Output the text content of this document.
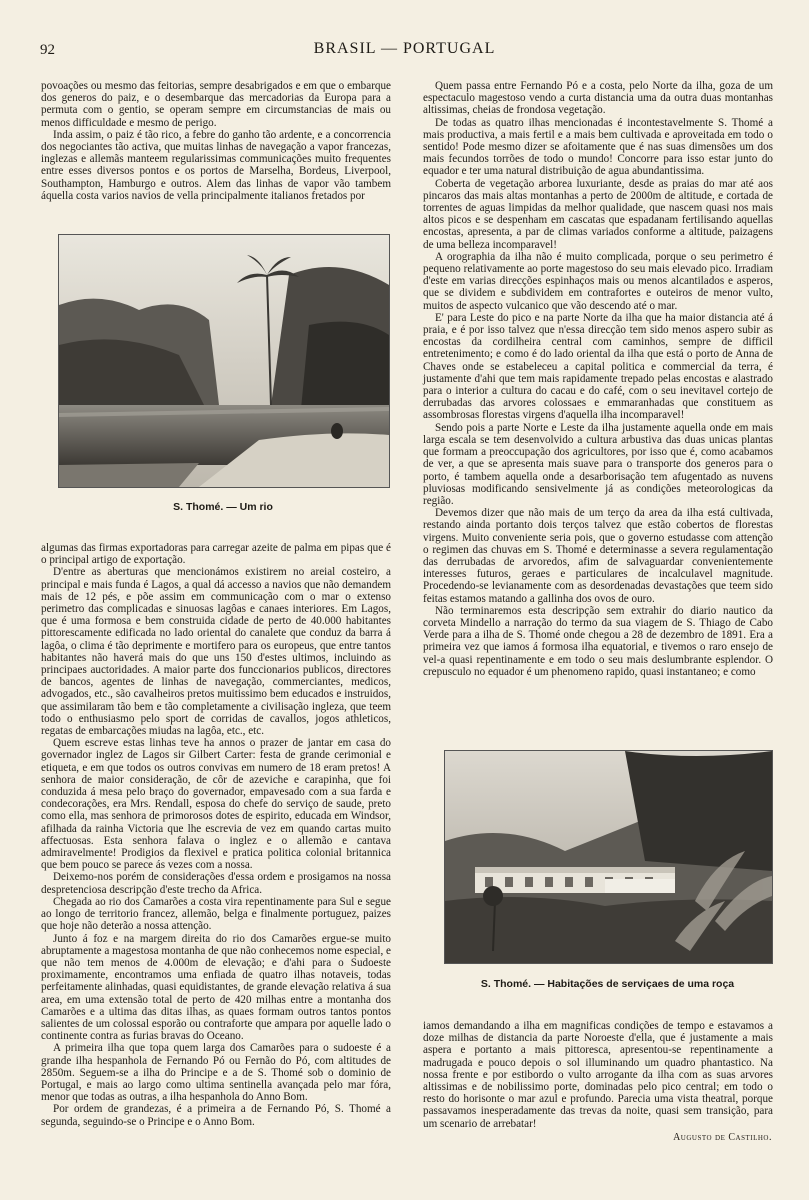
92	BRASIL — PORTUGAL

povoações ou mesmo das feitorias, sempre desabrigados e em que o embarque dos generos do paiz, e o desembarque das mercadorias da Europa para a permuta com o gentio, se operam sempre em circumstancias de mais ou menos difficuldade e mesmo de perigo.

Inda assim, o paiz é tão rico, a febre do ganho tão ardente, e a concorrencia dos negociantes tão activa, que muitas linhas de navegação a vapor francezas, inglezas e allemãs manteem regularissimas communicações muito frequentes entre esses diversos pontos e os portos de Marselha, Bordeus, Liverpool, Southampton, Hamburgo e outros. Alem das linhas de vapor vão tambem áquella costa varios navios de vella principalmente italianos fretados por

S. Thomé. — Um rio

algumas das firmas exportadoras para carregar azeite de palma em pipas que é o principal artigo de exportação.

D'entre as aberturas que mencionámos existirem no areial costeiro, a principal e mais funda é Lagos, a qual dá accesso a navios que não demandem mais de 12 pés, e põe assim em communicação com o mar o extenso perimetro das complicadas e sinuosas lagôas e canaes interiores. Em Lagos, que é uma formosa e bem construida cidade de perto de 40.000 habitantes pittorescamente edificada no lado oriental do canalete que conduz da barra á lagôa, o clima é tão deprimente e mortifero para os europeus, que entre tantos habitantes não haverá mais do que uns 150 d'estes ultimos, incluindo as principaes auctoridades. A maior parte dos funccionarios publicos, directores de bancos, agentes de linhas de navegação, commerciantes, medicos, advogados, etc., são cavalheiros pretos muitissimo bem educados e instruidos, que assimilaram tão bem e tão completamente a civilisação ingleza, que teem todo o enthusiasmo pelo sport de corridas de cavallos, jogos athleticos, regatas de embarcações miudas na lagôa, etc., etc.

Quem escreve estas linhas teve ha annos o prazer de jantar em casa do governador inglez de Lagos sir Gilbert Carter: festa de grande cerimonial e etiqueta, e em que todos os outros convivas em numero de 18 eram pretos! A senhora de maior consideração, de côr de azeviche e carapinha, que foi conduzida á mesa pelo braço do governador, empavesado com a sua farda e condecorações, era Mrs. Rendall, esposa do chefe do serviço de saude, preto como ella, mas senhora de primorosos dotes de espirito, educada em Windsor, afilhada da rainha Victoria que lhe escrevia de vez em quando cartas muito affectuosas. Esta senhora falava o inglez e o allemão e cantava admiravelmente! Prodigios da flexivel e pratica politica colonial britannica que bem pouco se parece ás vezes com a nossa.

Deixemo-nos porém de considerações d'essa ordem e prosigamos na nossa despretenciosa descripção d'este trecho da Africa.

Chegada ao rio dos Camarões a costa vira repentinamente para Sul e segue ao longo de territorio francez, allemão, belga e finalmente portuguez, paizes que hoje não deterão a nossa attenção.

Junto á foz e na margem direita do rio dos Camarões ergue-se muito abruptamente a magestosa montanha de que não conhecemos nome especial, e que não tem menos de 4.000m de elevação; e d'ahi para o Sudoeste proximamente, encontramos uma enfiada de quatro ilhas notaveis, todas perfeitamente alinhadas, quasi equidistantes, de grande elevação relativa á sua area, em uma extensão total de perto de 420 milhas entre a montanha dos Camarões e a ultima das ditas ilhas, as quaes formam outros tantos pontos salientes de um colossal esporão ou contraforte que ampara por aquelle lado o continente contra as furias bravas do Oceano.

A primeira ilha que topa quem larga dos Camarões para o sudoeste é a grande ilha hespanhola de Fernando Pó ou Fernão do Pó, com altitudes de 2850m. Seguem-se a ilha do Principe e a de S. Thomé sob o dominio de Portugal, e mais ao largo como ultima sentinella avançada pelo mar fóra, menor que todas as outras, a ilha hespanhola do Anno Bom.

Por ordem de grandezas, é a primeira a de Fernando Pó, S. Thomé a segunda, seguindo-se o Principe e o Anno Bom.

Quem passa entre Fernando Pó e a costa, pelo Norte da ilha, goza de um espectaculo magestoso vendo a curta distancia uma da outra duas montanhas altissimas, cheias de frondosa vegetação.

De todas as quatro ilhas mencionadas é incontestavelmente S. Thomé a mais productiva, a mais fertil e a mais bem cultivada e aproveitada em todo o sentido! Pode mesmo dizer se afoitamente que é nas suas dimensões um dos mais fecundos torrões de todo o mundo! Concorre para isso estar junto do equador e ter uma natural distribuição de agua abundantissima.

Coberta de vegetação arborea luxuriante, desde as praias do mar até aos pincaros das mais altas montanhas a perto de 2000m de altitude, e cortada de torrentes de aguas limpidas da melhor qualidade, que nascem quasi nos mais altos picos e se despenham em cascatas que espadanam fertilisando aquellas encostas, apresenta, a par de climas variados conforme a altitude, paizagens de uma belleza incomparavel!

A orographia da ilha não é muito complicada, porque o seu perimetro é pequeno relativamente ao porte magestoso do seu mais elevado pico. Irradiam d'este em varias direcções espinhaços mais ou menos alcantilados e asperos, que se dividem e subdividem em contrafortes e outeiros de menor vulto, muitos de aspecto vulcanico que vão descendo até o mar.

E' para Leste do pico e na parte Norte da ilha que ha maior distancia até á praia, e é por isso talvez que n'essa direcção tem sido menos aspero subir as encostas da cordilheira central com caminhos, sempre de difficil entretenimento; e como é do lado oriental da ilha que está o porto de Anna de Chaves onde se estabeleceu a capital politica e commercial da terra, é justamente d'ahi que tem mais rapidamente trepado pelas encostas e alastrado para o interior a cultura do cacau e do café, com o seu inevitavel cortejo de derrubadas das arvores colossaes e emmaranhadas que constituem as assombrosas florestas virgens d'aquella ilha incomparavel!

Sendo pois a parte Norte e Leste da ilha justamente aquella onde em mais larga escala se tem desenvolvido a cultura arbustiva das duas unicas plantas que formam a preoccupação dos agricultores, por isso que é, como acabamos de ver, a que se apresenta mais suave para o transporte dos generos para o porto, é tambem aquella onde a desarborisação tem afugentado as nuvens pluviosas modificando sensivelmente já as condições meteorologicas da região.

Devemos dizer que não mais de um terço da area da ilha está cultivada, restando ainda portanto dois terços talvez que estão cobertos de florestas virgens. Muito conveniente seria pois, que o governo estudasse com attenção o regimen das chuvas em S. Thomé e determinasse a severa regulamentação das derrubadas de arvoredos, afim de salvaguardar convenientemente interesses futuros, geraes e particulares de incalculavel magnitude. Procedendo-se levianamente com as desordenadas devastações que teem sido feitas estamos matando a gallinha dos ovos de ouro.

Não terminaremos esta descripção sem extrahir do diario nautico da corveta Mindello a narração do termo da sua viagem de S. Thiago de Cabo Verde para a ilha de S. Thomé onde chegou a 28 de dezembro de 1891. Era a primeira vez que iamos á formosa ilha equatorial, e tivemos o raro ensejo de vel-a quasi repentinamente e em todo o seu mais deslumbrante esplendor. O crepusculo no equador é um phenomeno rapido, quasi instantaneo; e como

S. Thomé. — Habitações de serviçaes de uma roça

iamos demandando a ilha em magnificas condições de tempo e estavamos a doze milhas de distancia da parte Noroeste d'ella, que é justamente a mais aspera e portanto a mais pittoresca, apresentou-se repentinamente a madrugada e pouco depois o sol illuminando um quadro phantastico. Na nossa frente e por estibordo o vulto arrogante da ilha com as suas arvores altissimas e de nobilissimo porte, dominadas pelo pico central; em todo o resto do horisonte o mar azul e profundo. Parecia uma vista theatral, porque passavamos inesperadamente das trevas da noite, quasi sem transição, para um scenario de arrebatar!

Augusto de Castilho.
